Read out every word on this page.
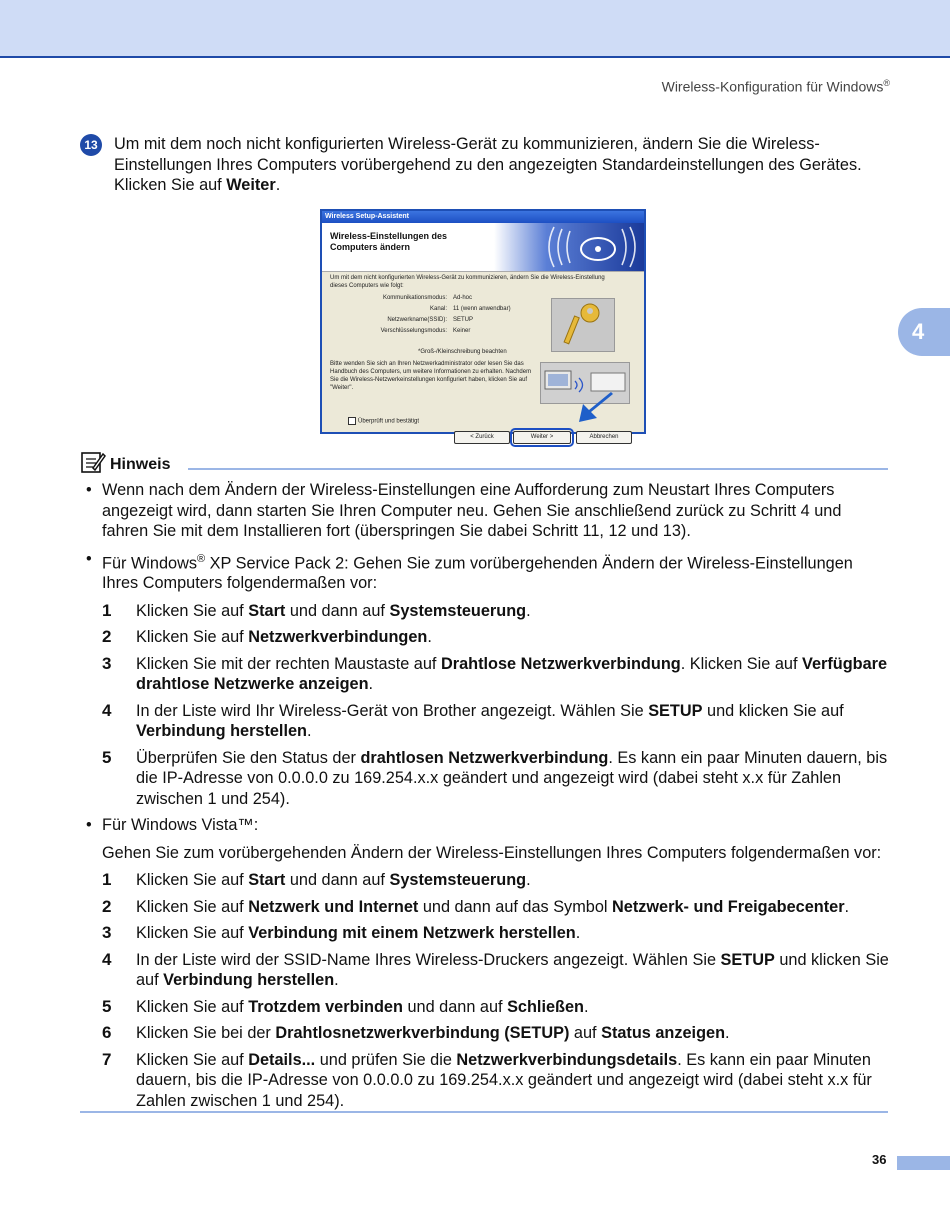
Wireless-Konfiguration für Windows®
4
13 Um mit dem noch nicht konfigurierten Wireless-Gerät zu kommunizieren, ändern Sie die Wireless-Einstellungen Ihres Computers vorübergehend zu den angezeigten Standardeinstellungen des Gerätes. Klicken Sie auf Weiter.
Wireless Setup-Assistent
Wireless-Einstellungen des Computers ändern
Um mit dem nicht konfigurierten Wireless-Gerät zu kommunizieren, ändern Sie die Wireless-Einstellung dieses Computers wie folgt:
Kommunikationsmodus: Ad-hoc
Kanal: 11 (wenn anwendbar)
Netzwerkname(SSID): SETUP
Verschlüsselungsmodus: Keiner
*Groß-/Kleinschreibung beachten
Bitte wenden Sie sich an Ihren Netzwerkadministrator oder lesen Sie das Handbuch des Computers, um weitere Informationen zu erhalten. Nachdem Sie die Wireless-Netzwerkeinstellungen konfiguriert haben, klicken Sie auf "Weiter".
Überprüft und bestätigt
< Zurück	Weiter >	Abbrechen
Hinweis
• Wenn nach dem Ändern der Wireless-Einstellungen eine Aufforderung zum Neustart Ihres Computers angezeigt wird, dann starten Sie Ihren Computer neu. Gehen Sie anschließend zurück zu Schritt 4 und fahren Sie mit dem Installieren fort (überspringen Sie dabei Schritt 11, 12 und 13).
• Für Windows® XP Service Pack 2: Gehen Sie zum vorübergehenden Ändern der Wireless-Einstellungen Ihres Computers folgendermaßen vor:
1 Klicken Sie auf Start und dann auf Systemsteuerung.
2 Klicken Sie auf Netzwerkverbindungen.
3 Klicken Sie mit der rechten Maustaste auf Drahtlose Netzwerkverbindung. Klicken Sie auf Verfügbare drahtlose Netzwerke anzeigen.
4 In der Liste wird Ihr Wireless-Gerät von Brother angezeigt. Wählen Sie SETUP und klicken Sie auf Verbindung herstellen.
5 Überprüfen Sie den Status der drahtlosen Netzwerkverbindung. Es kann ein paar Minuten dauern, bis die IP-Adresse von 0.0.0.0 zu 169.254.x.x geändert und angezeigt wird (dabei steht x.x für Zahlen zwischen 1 und 254).
• Für Windows Vista™:
Gehen Sie zum vorübergehenden Ändern der Wireless-Einstellungen Ihres Computers folgendermaßen vor:
1 Klicken Sie auf Start und dann auf Systemsteuerung.
2 Klicken Sie auf Netzwerk und Internet und dann auf das Symbol Netzwerk- und Freigabecenter.
3 Klicken Sie auf Verbindung mit einem Netzwerk herstellen.
4 In der Liste wird der SSID-Name Ihres Wireless-Druckers angezeigt. Wählen Sie SETUP und klicken Sie auf Verbindung herstellen.
5 Klicken Sie auf Trotzdem verbinden und dann auf Schließen.
6 Klicken Sie bei der Drahtlosnetzwerkverbindung (SETUP) auf Status anzeigen.
7 Klicken Sie auf Details... und prüfen Sie die Netzwerkverbindungsdetails. Es kann ein paar Minuten dauern, bis die IP-Adresse von 0.0.0.0 zu 169.254.x.x geändert und angezeigt wird (dabei steht x.x für Zahlen zwischen 1 und 254).
36
